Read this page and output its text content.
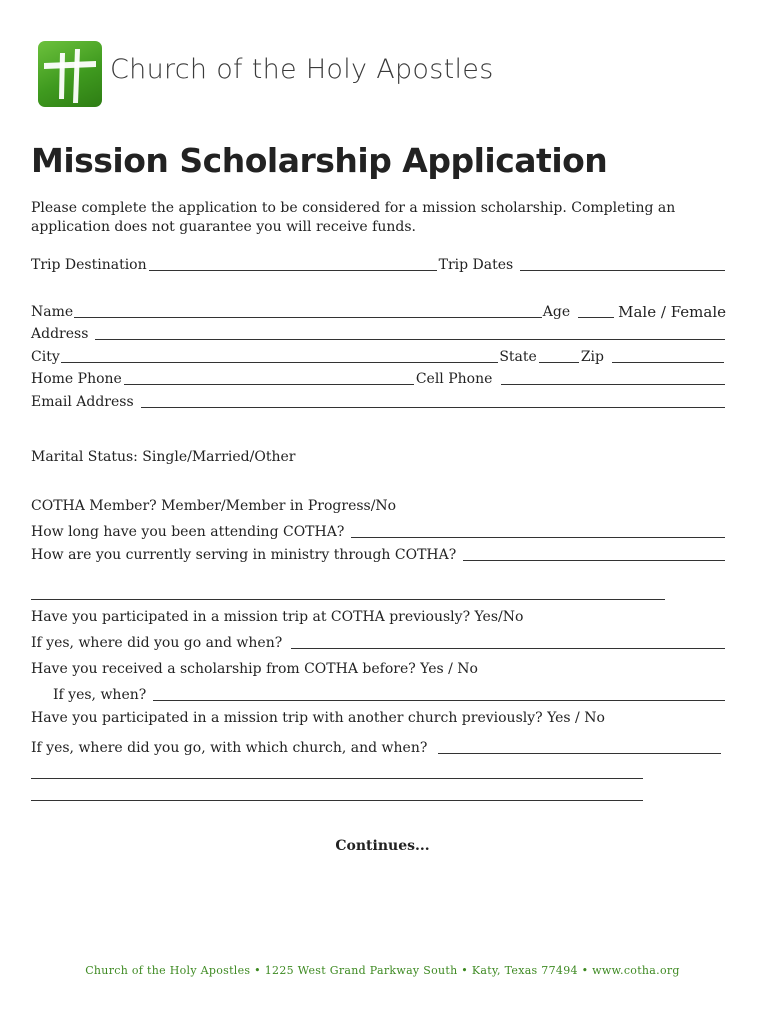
Church of the Holy Apostles
Mission Scholarship Application
Please complete the application to be considered for a mission scholarship. Completing an application does not guarantee you will receive funds.
Trip Destination	Trip Dates
Name	Age	Male / Female
Address
City	State	Zip
Home Phone	Cell Phone
Email Address
Marital Status: Single/Married/Other
COTHA Member? Member/Member in Progress/No
How long have you been attending COTHA?
How are you currently serving in ministry through COTHA?
Have you participated in a mission trip at COTHA previously? Yes/No
If yes, where did you go and when?
Have you received a scholarship from COTHA before? Yes / No
If yes, when?
Have you participated in a mission trip with another church previously? Yes / No
If yes, where did you go, with which church, and when?
Continues...
Church of the Holy Apostles • 1225 West Grand Parkway South • Katy, Texas 77494 • www.cotha.org
